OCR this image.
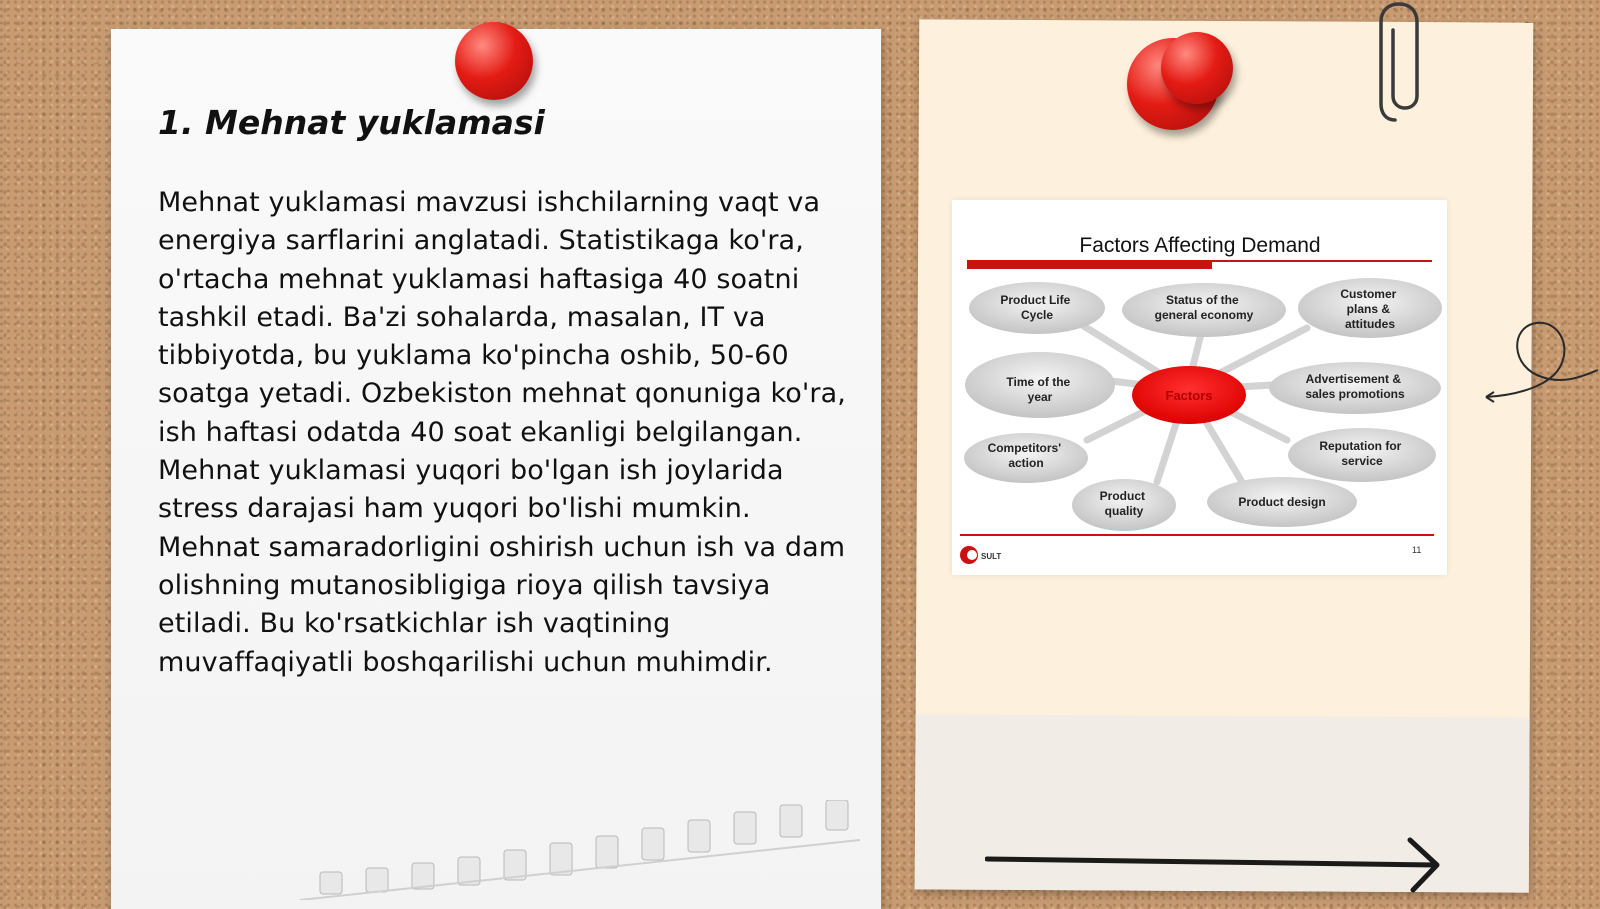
1. Mehnat yuklamasi

Mehnat yuklamasi mavzusi ishchilarning vaqt va energiya sarflarini anglatadi. Statistikaga ko'ra, o'rtacha mehnat yuklamasi haftasiga 40 soatni tashkil etadi. Ba'zi sohalarda, masalan, IT va tibbiyotda, bu yuklama ko'pincha oshib, 50-60 soatga yetadi. Ozbekiston mehnat qonuniga ko'ra, ish haftasi odatda 40 soat ekanligi belgilangan. Mehnat yuklamasi yuqori bo'lgan ish joylarida stress darajasi ham yuqori bo'lishi mumkin. Mehnat samaradorligini oshirish uchun ish va dam olishning mutanosibligiga rioya qilish tavsiya etiladi. Bu ko'rsatkichlar ish vaqtining muvaffaqiyatli boshqarilishi uchun muhimdir.

Factors Affecting Demand
Product Life Cycle
Status of the general economy
Customer plans & attitudes
Time of the year
Advertisement & sales promotions
Competitors' action
Reputation for service
Product quality
Product design
Factors
SULT
11
